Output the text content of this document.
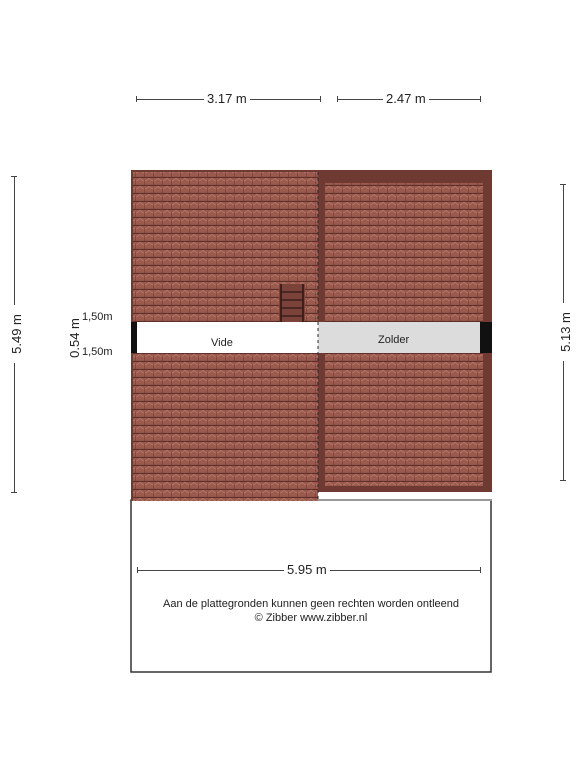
3.17 m	2.47 m
5.49 m	5.13 m
0.54 m
1,50m
1,50m
Vide	Zolder
5.95 m
Aan de plattegronden kunnen geen rechten worden ontleend
© Zibber www.zibber.nl
